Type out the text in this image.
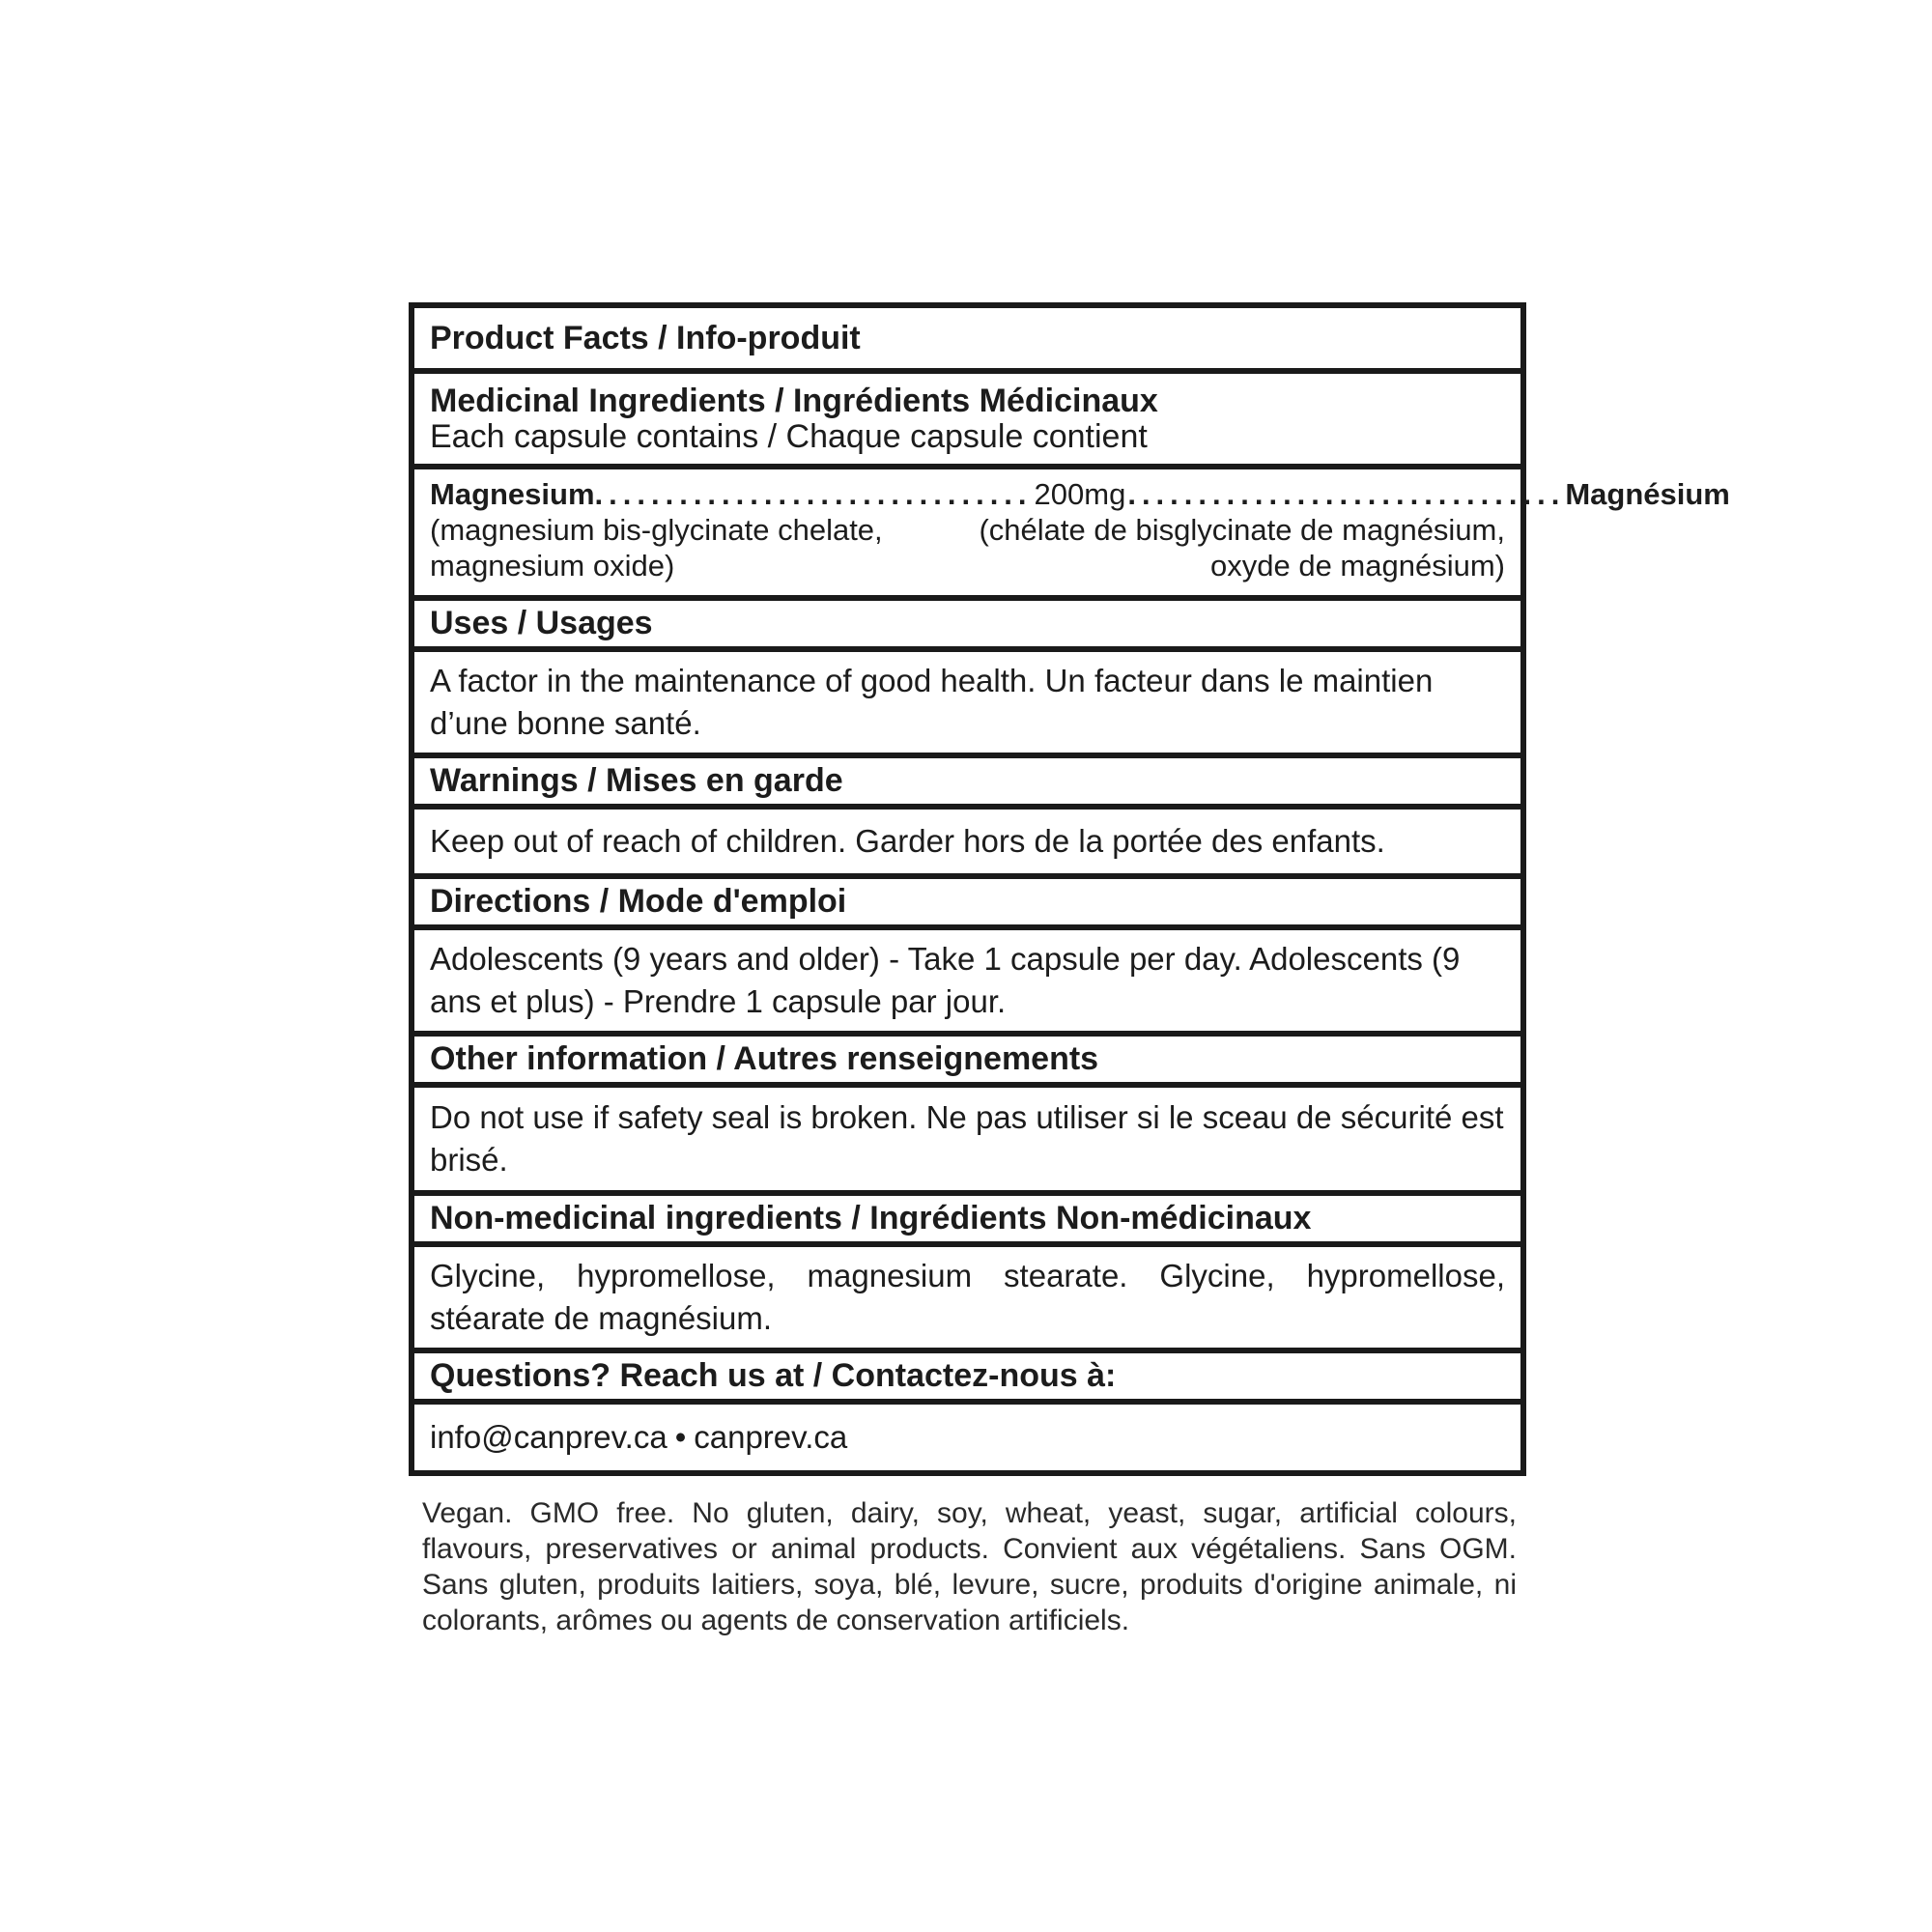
Product Facts / Info-produit
Medicinal Ingredients / Ingrédients Médicinaux
Each capsule contains / Chaque capsule contient
Magnesium ............................... 200mg ............................... Magnésium
(magnesium bis-glycinate chelate,	(chélate de bisglycinate de magnésium,
magnesium oxide)	oxyde de magnésium)
Uses / Usages
A factor in the maintenance of good health. Un facteur dans le maintien d’une bonne santé.
Warnings / Mises en garde
Keep out of reach of children. Garder hors de la portée des enfants.
Directions / Mode d'emploi
Adolescents (9 years and older) - Take 1 capsule per day. Adolescents (9 ans et plus) - Prendre 1 capsule par jour.
Other information / Autres renseignements
Do not use if safety seal is broken. Ne pas utiliser si le sceau de sécurité est brisé.
Non-medicinal ingredients / Ingrédients Non-médicinaux
Glycine, hypromellose, magnesium stearate. Glycine, hypromellose, stéarate de magnésium.
Questions? Reach us at / Contactez-nous à:
info@canprev.ca • canprev.ca
Vegan. GMO free. No gluten, dairy, soy, wheat, yeast, sugar, artificial colours, flavours, preservatives or animal products. Convient aux végétaliens. Sans OGM. Sans gluten, produits laitiers, soya, blé, levure, sucre, produits d'origine animale, ni colorants, arômes ou agents de conservation artificiels.
